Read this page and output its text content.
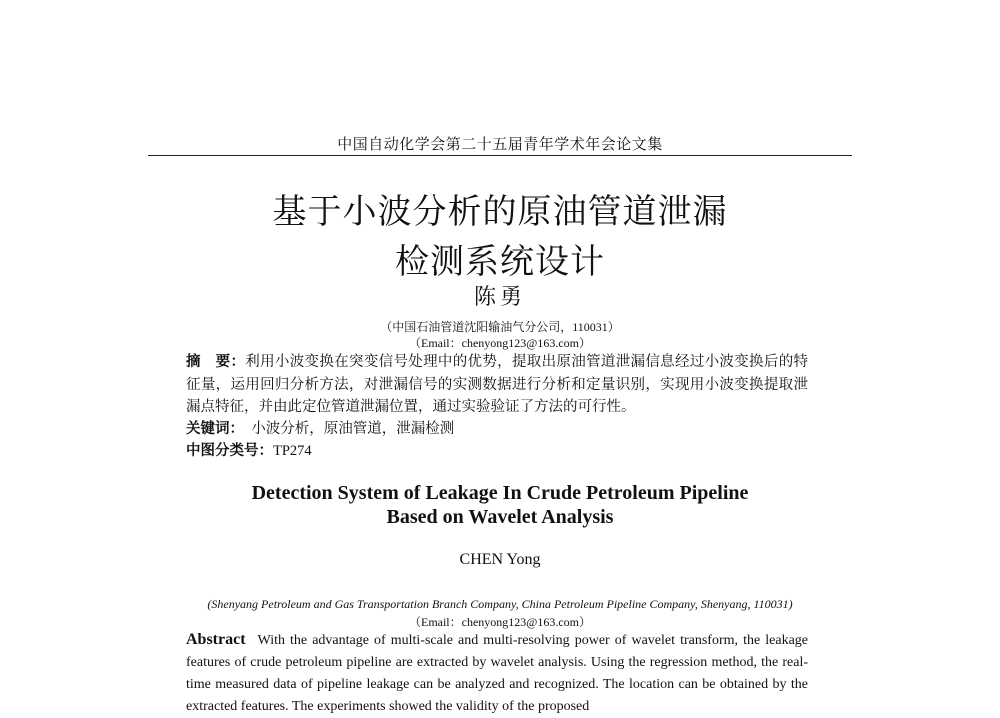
中国自动化学会第二十五届青年学术年会论文集
基于小波分析的原油管道泄漏
检测系统设计
陈勇
（中国石油管道沈阳输油气分公司，110031）
（Email：chenyong123@163.com）
摘　要：利用小波变换在突变信号处理中的优势，提取出原油管道泄漏信息经过小波变换后的特征量，运用回归分析方法，对泄漏信号的实测数据进行分析和定量识别，实现用小波变换提取泄漏点特征，并由此定位管道泄漏位置，通过实验验证了方法的可行性。
关键词：　小波分析，原油管道，泄漏检测
中图分类号：TP274
Detection System of Leakage In Crude Petroleum Pipeline
Based on Wavelet Analysis
CHEN Yong
(Shenyang Petroleum and Gas Transportation Branch Company, China Petroleum Pipeline Company, Shenyang, 110031)
（Email：chenyong123@163.com）
Abstract With the advantage of multi-scale and multi-resolving power of wavelet transform, the leakage features of crude petroleum pipeline are extracted by wavelet analysis. Using the regression method, the real-time measured data of pipeline leakage can be analyzed and recognized. The location can be obtained by the extracted features. The experiments showed the validity of the proposed
